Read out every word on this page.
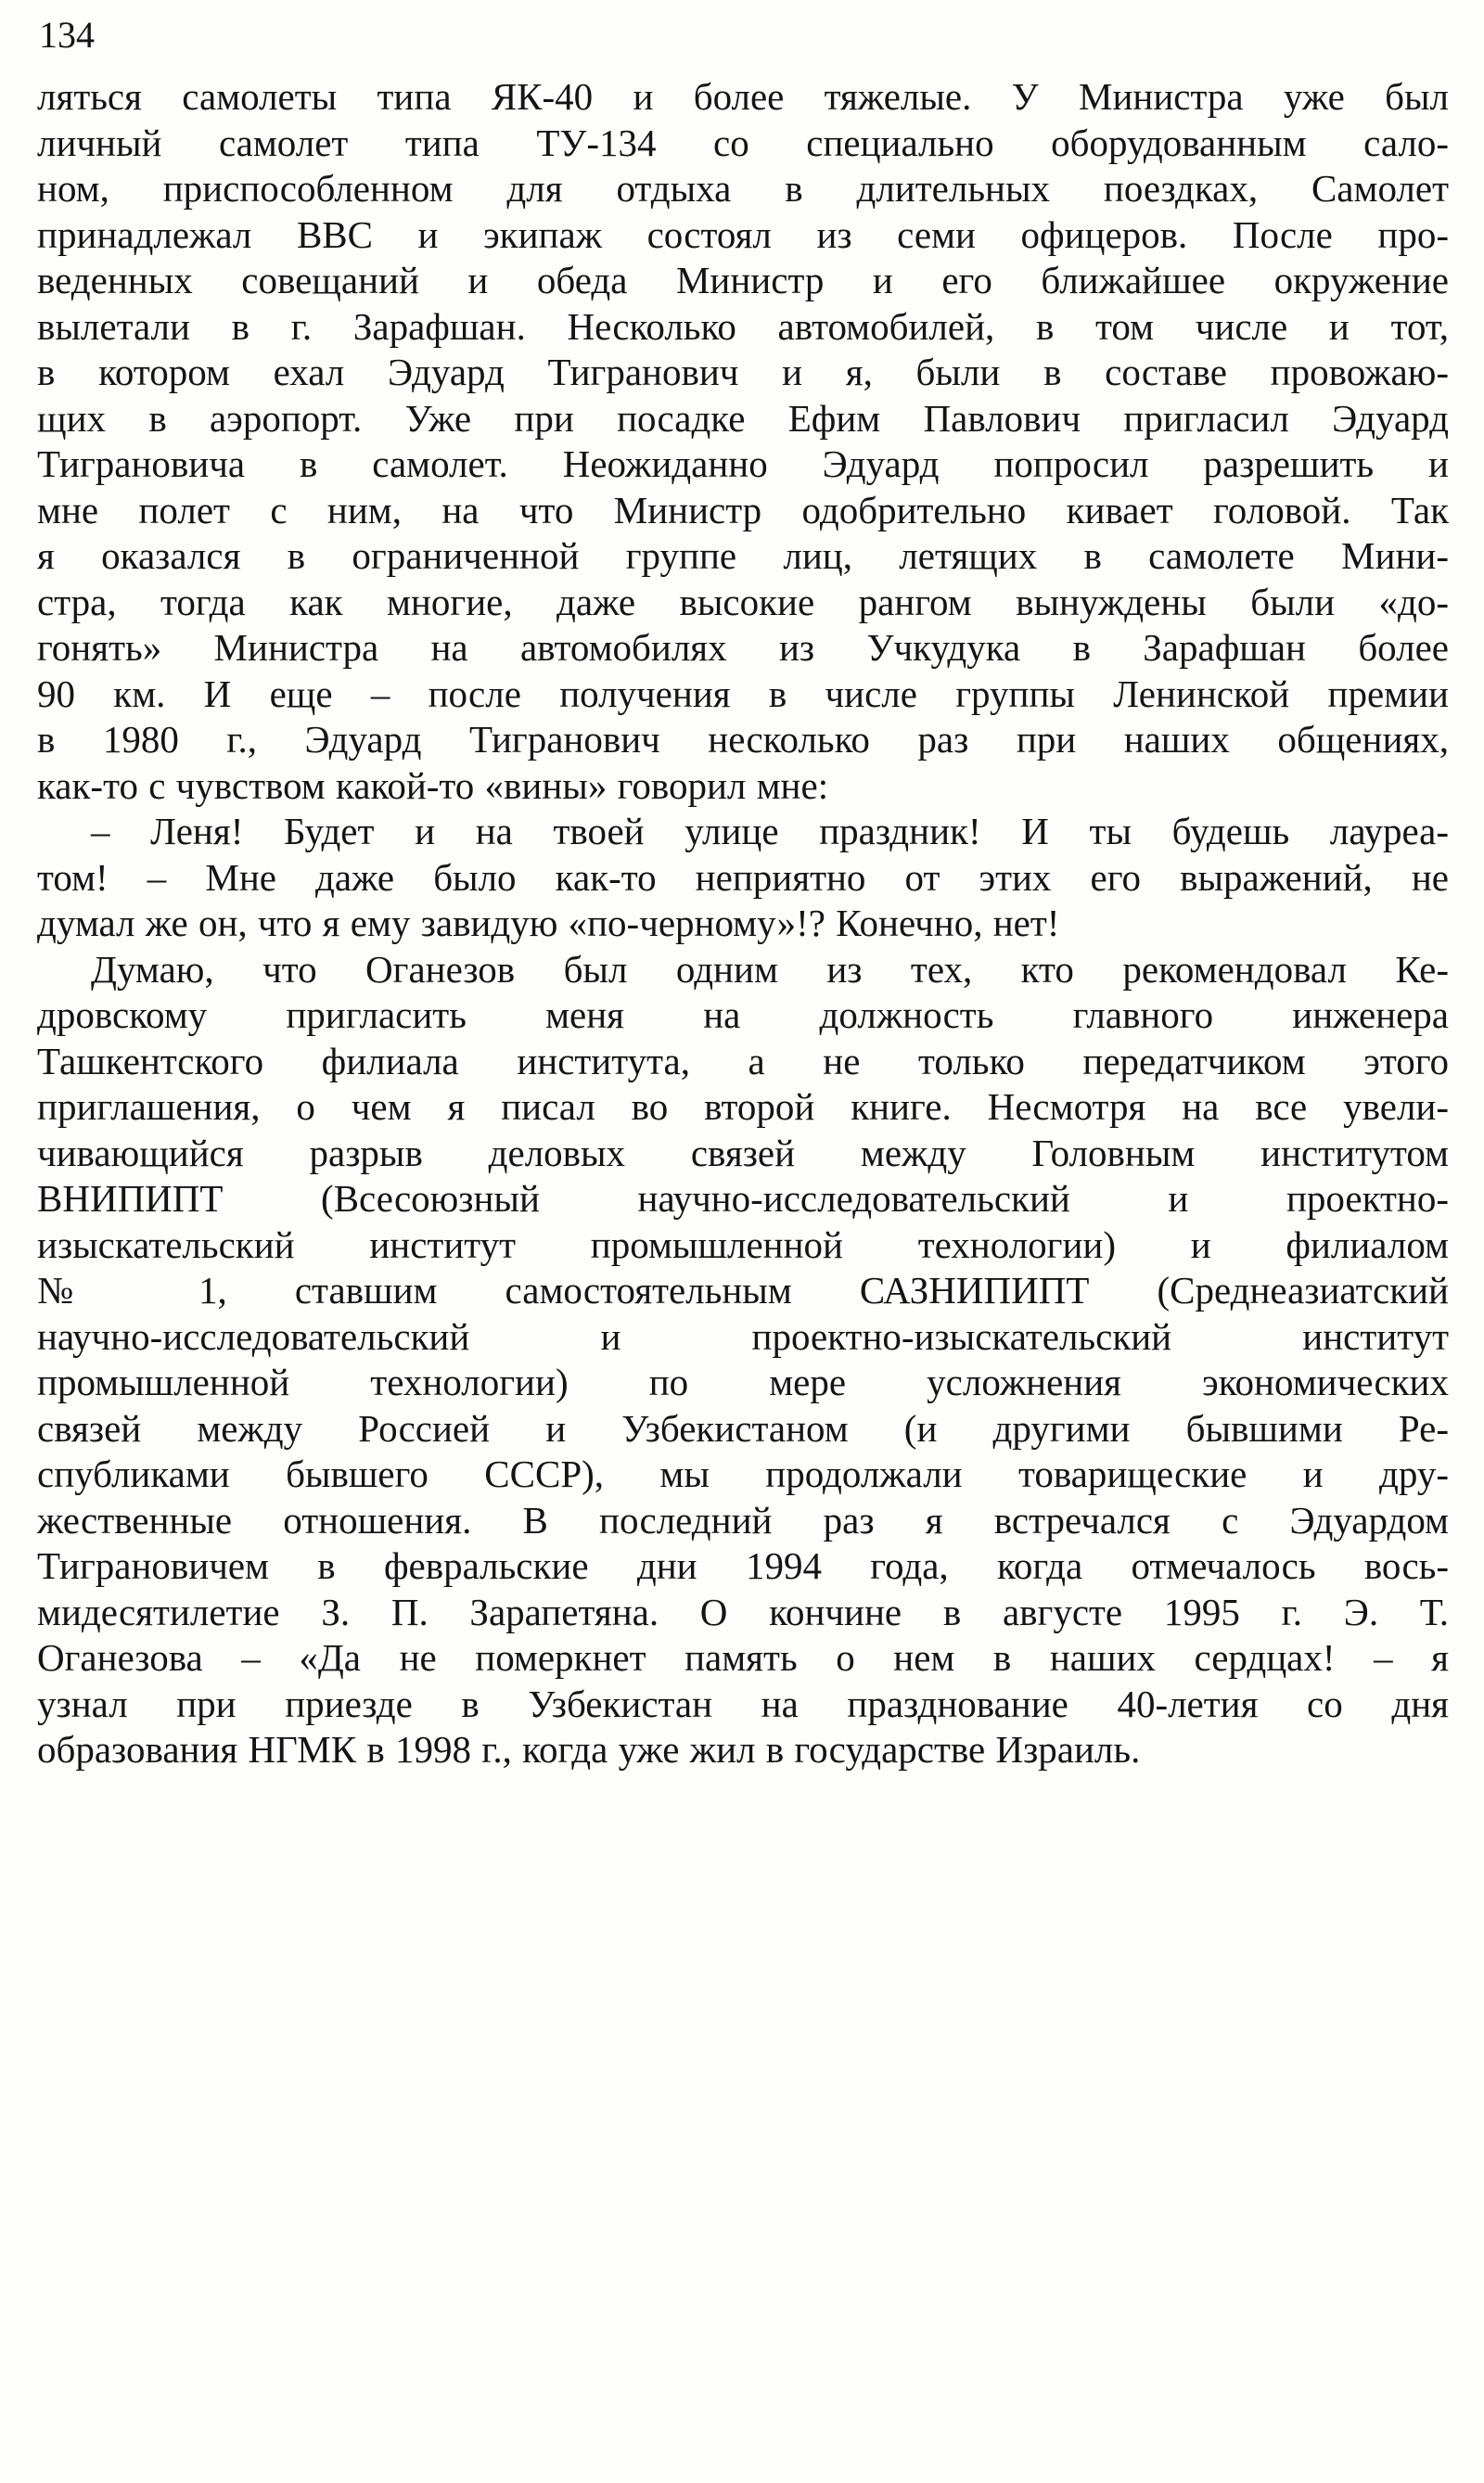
134
ляться самолеты типа ЯК-40 и более тяжелые. У Министра уже был
личный самолет типа ТУ-134 со специально оборудованным сало-
ном, приспособленном для отдыха в длительных поездках, Самолет
принадлежал ВВС и экипаж состоял из семи офицеров. После про-
веденных совещаний и обеда Министр и его ближайшее окружение
вылетали в г. Зарафшан. Несколько автомобилей, в том числе и тот,
в котором ехал Эдуард Тигранович и я, были в составе провожаю-
щих в аэропорт. Уже при посадке Ефим Павлович пригласил Эдуард
Тиграновича в самолет. Неожиданно Эдуард попросил разрешить и
мне полет с ним, на что Министр одобрительно кивает головой. Так
я оказался в ограниченной группе лиц, летящих в самолете Мини-
стра, тогда как многие, даже высокие рангом вынуждены были «до-
гонять» Министра на автомобилях из Учкудука в Зарафшан более
90 км. И еще – после получения в числе группы Ленинской премии
в 1980 г., Эдуард Тигранович несколько раз при наших общениях,
как-то с чувством какой-то «вины» говорил мне:
– Леня! Будет и на твоей улице праздник! И ты будешь лауреа-
том! – Мне даже было как-то неприятно от этих его выражений, не
думал же он, что я ему завидую «по-черному»!? Конечно, нет!
Думаю, что Оганезов был одним из тех, кто рекомендовал Ке-
дровскому пригласить меня на должность главного инженера
Ташкентского филиала института, а не только передатчиком этого
приглашения, о чем я писал во второй книге. Несмотря на все увели-
чивающийся разрыв деловых связей между Головным институтом
ВНИПИПТ (Всесоюзный научно-исследовательский и проектно-
изыскательский институт промышленной технологии) и филиалом
№ 1, ставшим самостоятельным САЗНИПИПТ (Среднеазиатский
научно-исследовательский и проектно-изыскательский институт
промышленной технологии) по мере усложнения экономических
связей между Россией и Узбекистаном (и другими бывшими Ре-
спубликами бывшего СССР), мы продолжали товарищеские и дру-
жественные отношения. В последний раз я встречался с Эдуардом
Тиграновичем в февральские дни 1994 года, когда отмечалось вось-
мидесятилетие З. П. Зарапетяна. О кончине в августе 1995 г. Э. Т.
Оганезова – «Да не померкнет память о нем в наших сердцах! – я
узнал при приезде в Узбекистан на празднование 40-летия со дня
образования НГМК в 1998 г., когда уже жил в государстве Израиль.
